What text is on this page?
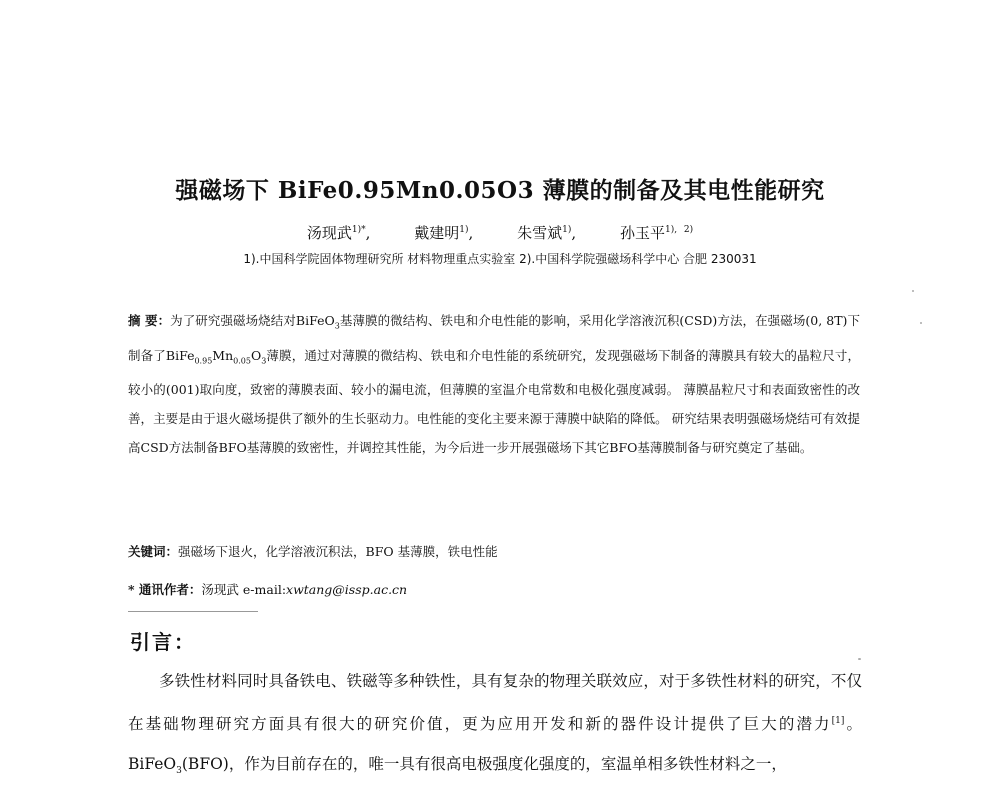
强磁场下 BiFe0.95Mn0.05O3 薄膜的制备及其电性能研究
汤现武$^{1)*}$,     戴建明$^{1)}$,     朱雪斌$^{1)}$,     孙玉平$^{1), 2)}$
1).中国科学院固体物理研究所 材料物理重点实验室 2).中国科学院强磁场科学中心 合肥 230031
摘 要：为了研究强磁场烧结对BiFeO$_3$基薄膜的微结构、铁电和介电性能的影响，采用化学溶液沉积(CSD)方法，在强磁场(0, 8T)下制备了$BiFe_{0.95}Mn_{0.05}O_3$薄膜，通过对薄膜的微结构、铁电和介电性能的系统研究，发现强磁场下制备的薄膜具有较大的晶粒尺寸，较小的(001)取向度，致密的薄膜表面、较小的漏电流，但薄膜的室温介电常数和电极化强度减弱。 薄膜晶粒尺寸和表面致密性的改善，主要是由于退火磁场提供了额外的生长驱动力。电性能的变化主要来源于薄膜中缺陷的降低。 研究结果表明强磁场烧结可有效提高CSD方法制备BFO基薄膜的致密性，并调控其性能，为今后进一步开展强磁场下其它BFO基薄膜制备与研究奠定了基础。
关键词：强磁场下退火，化学溶液沉积法，BFO 基薄膜，铁电性能
* 通讯作者：汤现武 e-mail:xwtang@issp.ac.cn
引言：
多铁性材料同时具备铁电、铁磁等多种铁性，具有复杂的物理关联效应，对于多铁性材料的研究，不仅在基础物理研究方面具有很大的研究价值，更为应用开发和新的器件设计提供了巨大的潜力[1]。BiFeO$_3$(BFO)，作为目前存在的，唯一具有很高电极强度化强度的，室温单相多铁性材料之一，
